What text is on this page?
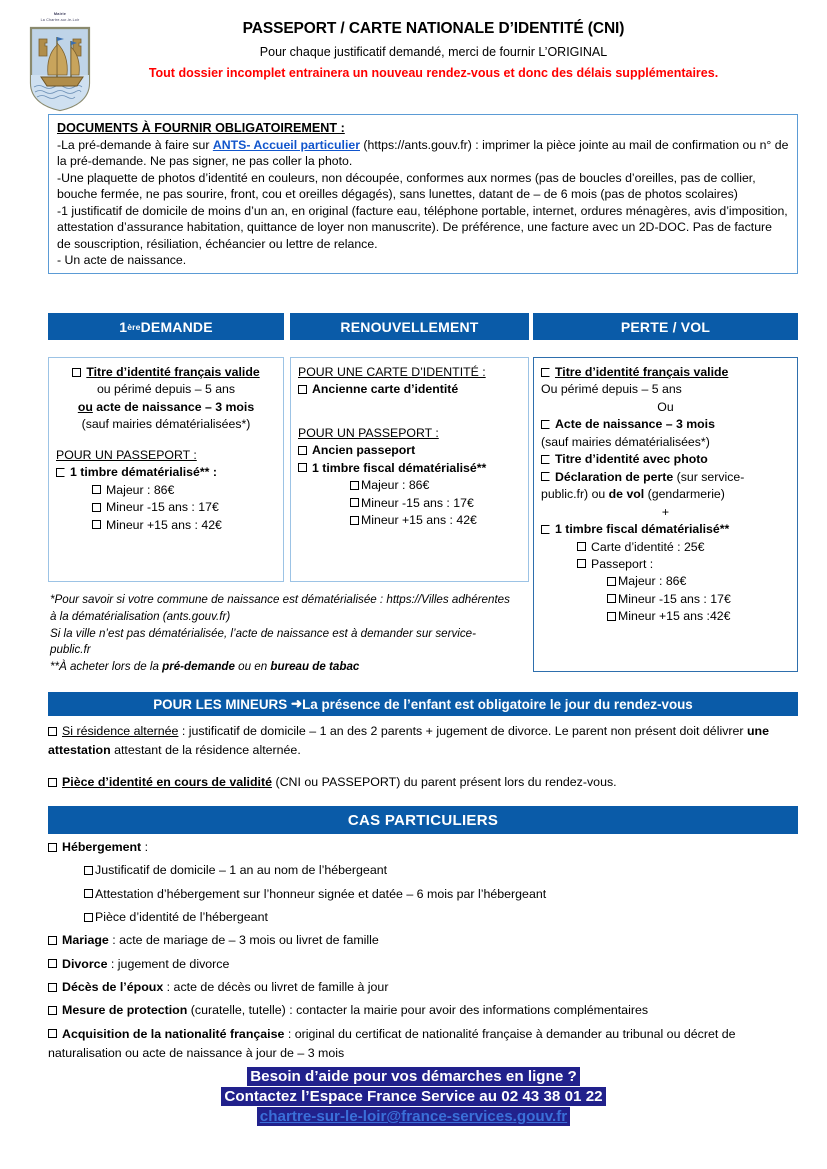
Mairie
La Chartre-sur-le-Loir
PASSEPORT / CARTE NATIONALE D’IDENTITÉ (CNI)
Pour chaque justificatif demandé, merci de fournir L’ORIGINAL
Tout dossier incomplet entrainera un nouveau rendez-vous et donc des délais supplémentaires.
DOCUMENTS À FOURNIR OBLIGATOIREMENT :

-La pré-demande à faire sur ANTS- Accueil particulier (https://ants.gouv.fr) : imprimer la pièce jointe au mail de confirmation ou n° de la pré-demande. Ne pas signer, ne pas coller la photo.

-Une plaquette de photos d’identité en couleurs, non découpée, conformes aux normes (pas de boucles d’oreilles, pas de collier, bouche fermée, ne pas sourire, front, cou et oreilles dégagés), sans lunettes, datant de – de 6 mois (pas de photos scolaires)

-1 justificatif de domicile de moins d’un an, en original (facture eau, téléphone portable, internet, ordures ménagères, avis d’imposition, attestation d’assurance habitation, quittance de loyer non manuscrite). De préférence, une facture avec un 2D-DOC. Pas de facture de souscription, résiliation, échéancier ou lettre de relance.

- Un acte de naissance.

1 ère DEMANDE	RENOUVELLEMENT	PERTE / VOL
Titre d’identité français valide
ou périmé depuis – 5 ans
ou acte de naissance – 3 mois
(sauf mairies dématérialisées*)
POUR UN PASSEPORT :
1 timbre dématérialisé** :
Majeur : 86€
Mineur -15 ans : 17€
Mineur +15 ans : 42€
POUR UNE CARTE D’IDENTITÉ :
Ancienne carte d’identité
POUR UN PASSEPORT :
Ancien passeport
1 timbre fiscal dématérialisé**
Majeur : 86€
Mineur -15 ans : 17€
Mineur +15 ans : 42€
Titre d’identité français valide
Ou périmé depuis – 5 ans
Ou
Acte de naissance – 3 mois
(sauf mairies dématérialisées*)
Titre d’identité avec photo
Déclaration de perte (sur service-public.fr) ou de vol (gendarmerie)
+
1 timbre fiscal dématérialisé**
Carte d’identité : 25€
Passeport :
Majeur : 86€
Mineur -15 ans : 17€
Mineur +15 ans :42€

*Pour savoir si votre commune de naissance est dématérialisée : https://Villes adhérentes à la dématérialisation (ants.gouv.fr)

Si la ville n’est pas dématérialisée, l’acte de naissance est à demander sur service-public.fr

**À acheter lors de la pré-demande ou en bureau de tabac

POUR LES MINEURS
➜ La présence de l’enfant est obligatoire le jour du rendez-vous

Si résidence alternée : justificatif de domicile – 1 an des 2 parents + jugement de divorce. Le parent non présent doit délivrer une attestation attestant de la résidence alternée.

Pièce d’identité en cours de validité (CNI ou PASSEPORT) du parent présent lors du rendez-vous.

CAS PARTICULIERS

Hébergement :

Justificatif de domicile – 1 an au nom de l’hébergeant

Attestation d’hébergement sur l’honneur signée et datée – 6 mois par l’hébergeant

Pièce d’identité de l’hébergeant

Mariage : acte de mariage de – 3 mois ou livret de famille

Divorce : jugement de divorce

Décès de l’époux : acte de décès ou livret de famille à jour

Mesure de protection (curatelle, tutelle) : contacter la mairie pour avoir des informations complémentaires

Acquisition de la nationalité française : original du certificat de nationalité française à demander au tribunal ou décret de naturalisation ou acte de naissance à jour de – 3 mois

Besoin d’aide pour vos démarches en ligne ?
Contactez l’Espace France Service au 02 43 38 01 22
chartre-sur-le-loir@france-services.gouv.fr
